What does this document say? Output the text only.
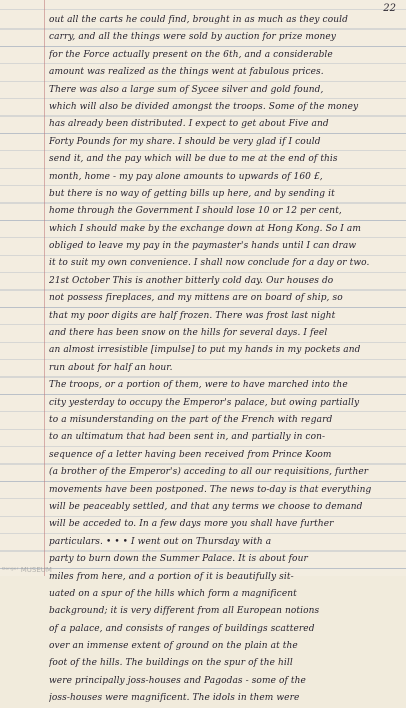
22
out all the carts he could find, brought in as much as they could
carry, and all the things were sold by auction for prize money
for the Force actually present on the 6th, and a considerable
amount was realized as the things went at fabulous prices.
There was also a large sum of Sycee silver and gold found,
which will also be divided amongst the troops. Some of the money
has already been distributed. I expect to get about Five and
Forty Pounds for my share. I should be very glad if I could
send it, and the pay which will be due to me at the end of this
month, home - my pay alone amounts to upwards of 160 £,
but there is no way of getting bills up here, and by sending it
home through the Government I should lose 10 or 12 per cent,
which I should make by the exchange down at Hong Kong. So I am
obliged to leave my pay in the paymaster's hands until I can draw
it to suit my own convenience. I shall now conclude for a day or two.
21st October This is another bitterly cold day. Our houses do
not possess fireplaces, and my mittens are on board of ship, so
that my poor digits are half frozen. There was frost last night
and there has been snow on the hills for several days. I feel
an almost irresistible [impulse] to put my hands in my pockets and
run about for half an hour.
The troops, or a portion of them, were to have marched into the
city yesterday to occupy the Emperor's palace, but owing partially
to a misunderstanding on the part of the French with regard
to an ultimatum that had been sent in, and partially in con-
sequence of a letter having been received from Prince Koom
(a brother of the Emperor's) acceding to all our requisitions, further
movements have been postponed. The news to-day is that everything
will be peaceably settled, and that any terms we choose to demand
will be acceded to. In a few days more you shall have further
particulars. • • • I went out on Thursday with a
party to burn down the Summer Palace. It is about four
miles from here, and a portion of it is beautifully sit-
uated on a spur of the hills which form a magnificent
background; it is very different from all European notions
of a palace, and consists of ranges of buildings scattered
over an immense extent of ground on the plain at the
foot of the hills. The buildings on the spur of the hill
were principally joss-houses and Pagodas - some of the
joss-houses were magnificent. The idols in them were
ᴰᵃⁿᵍᵉʳ MUSEUM
